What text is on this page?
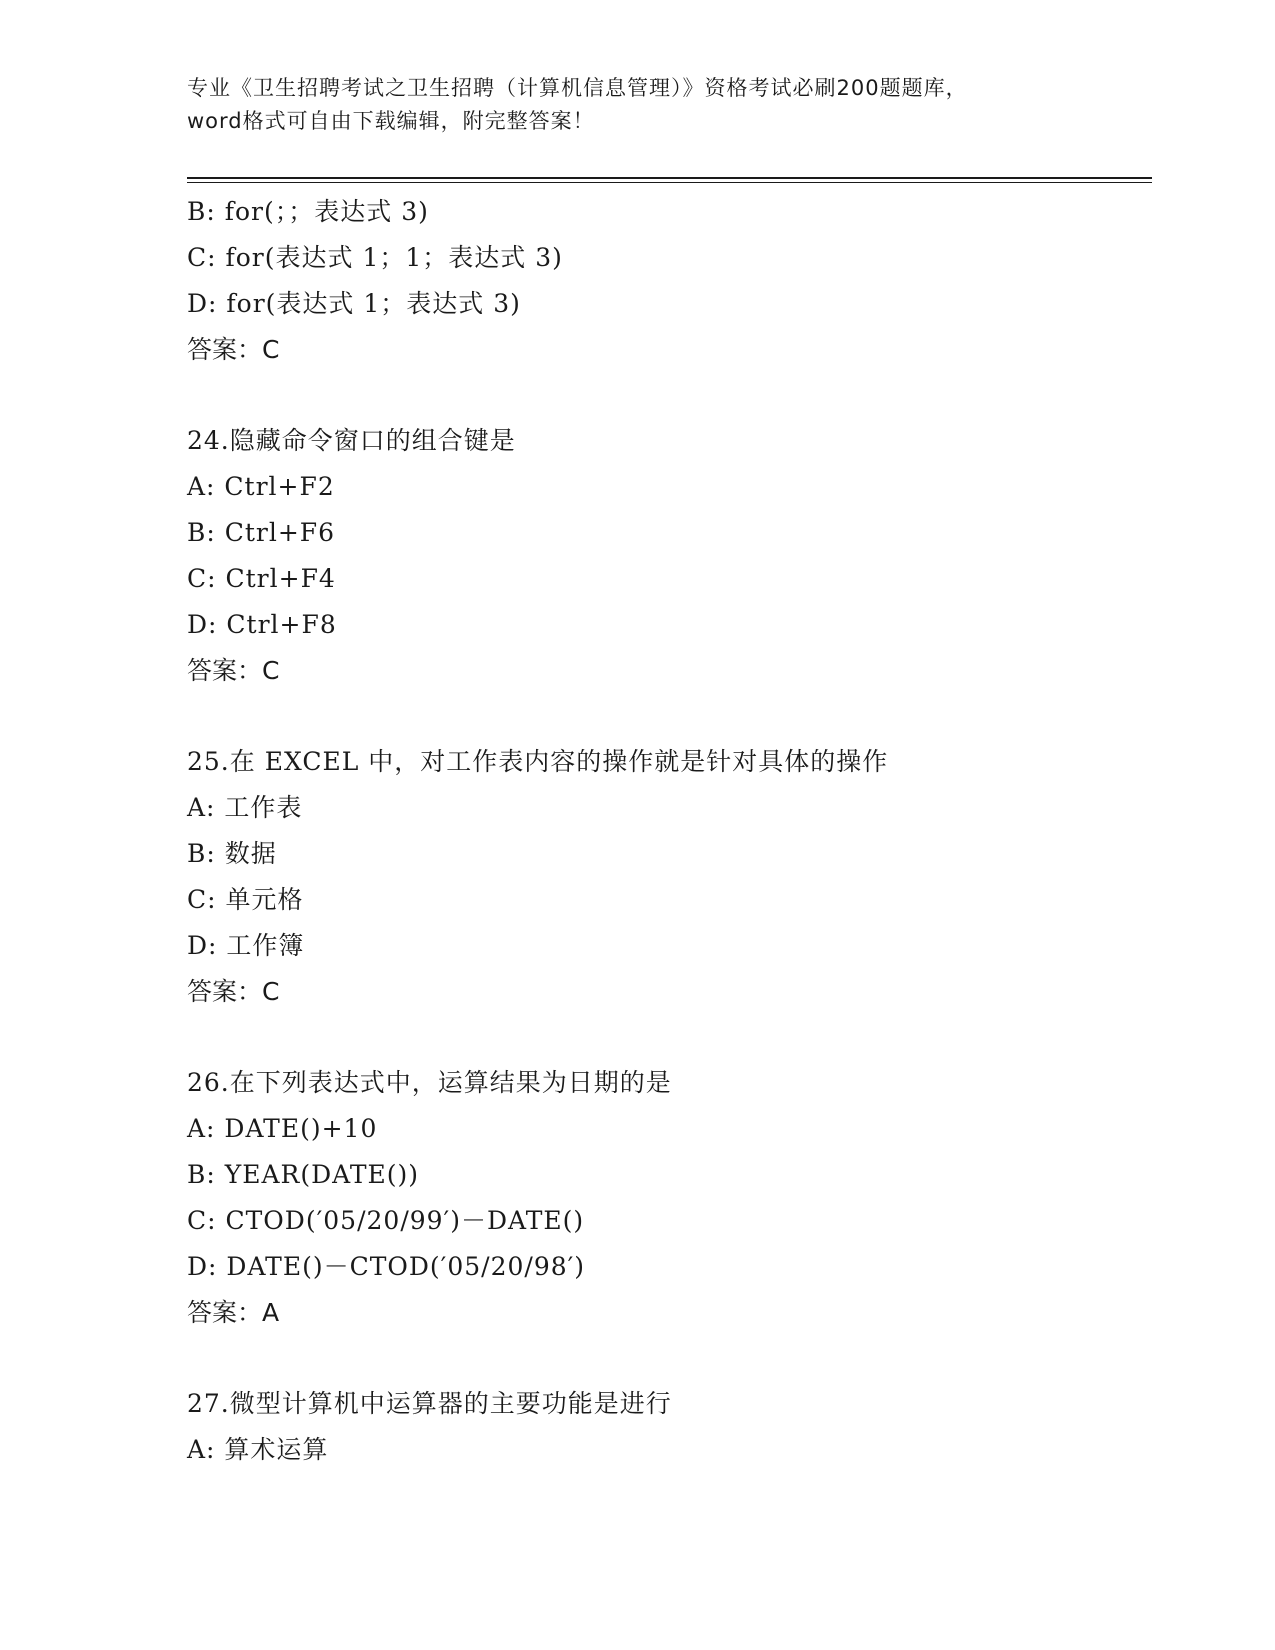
专业《卫生招聘考试之卫生招聘（计算机信息管理）》资格考试必刷200题题库，
word格式可自由下载编辑，附完整答案！
B: for(；；表达式 3)
C: for(表达式 1；1；表达式 3)
D: for(表达式 1；表达式 3)
答案：C
24.隐藏命令窗口的组合键是
A: Ctrl+F2
B: Ctrl+F6
C: Ctrl+F4
D: Ctrl+F8
答案：C
25.在 EXCEL 中，对工作表内容的操作就是针对具体的操作
A: 工作表
B: 数据
C: 单元格
D: 工作簿
答案：C
26.在下列表达式中，运算结果为日期的是
A: DATE()+10
B: YEAR(DATE())
C: CTOD(′05/20/99′)－DATE()
D: DATE()－CTOD(′05/20/98′)
答案：A
27.微型计算机中运算器的主要功能是进行
A: 算术运算
